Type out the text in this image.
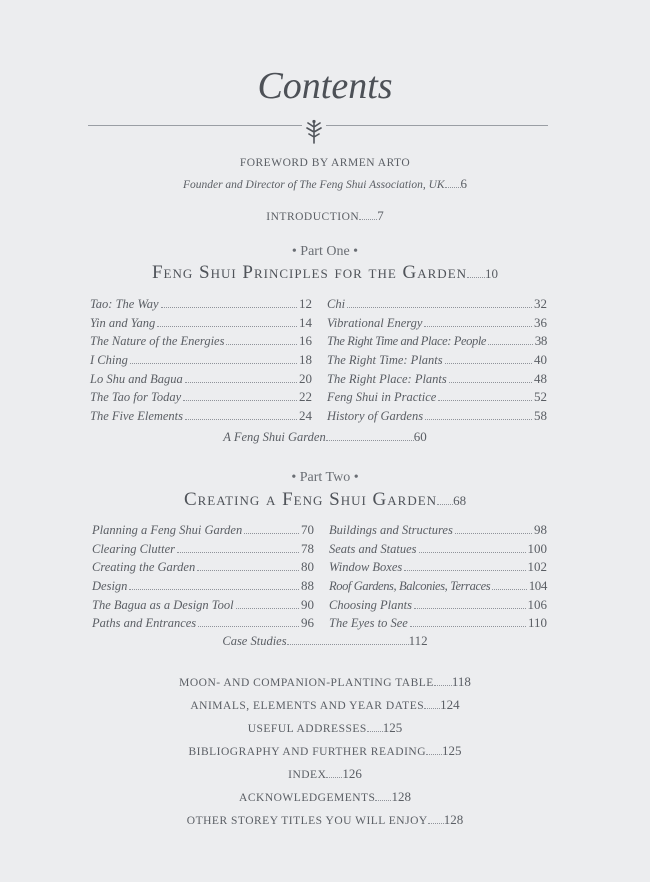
Contents
FOREWORD BY ARMEN ARTO
Founder and Director of The Feng Shui Association, UK 6
INTRODUCTION 7
• Part One •
Feng Shui Principles for the Garden 10
Tao: The Way	12
Yin and Yang	14
The Nature of the Energies	16
I Ching	18
Lo Shu and Bagua	20
The Tao for Today	22
The Five Elements	24
Chi	32
Vibrational Energy	36
The Right Time and Place: People	38
The Right Time: Plants	40
The Right Place: Plants	48
Feng Shui in Practice	52
History of Gardens	58
A Feng Shui Garden	60
• Part Two •
Creating a Feng Shui Garden 68
Planning a Feng Shui Garden	70
Clearing Clutter	78
Creating the Garden	80
Design	88
The Bagua as a Design Tool	90
Paths and Entrances	96
Buildings and Structures	98
Seats and Statues	100
Window Boxes	102
Roof Gardens, Balconies, Terraces	104
Choosing Plants	106
The Eyes to See	110
Case Studies	112
MOON- AND COMPANION-PLANTING TABLE 118
ANIMALS, ELEMENTS AND YEAR DATES 124
USEFUL ADDRESSES 125
BIBLIOGRAPHY AND FURTHER READING 125
INDEX 126
ACKNOWLEDGEMENTS 128
OTHER STOREY TITLES YOU WILL ENJOY 128
